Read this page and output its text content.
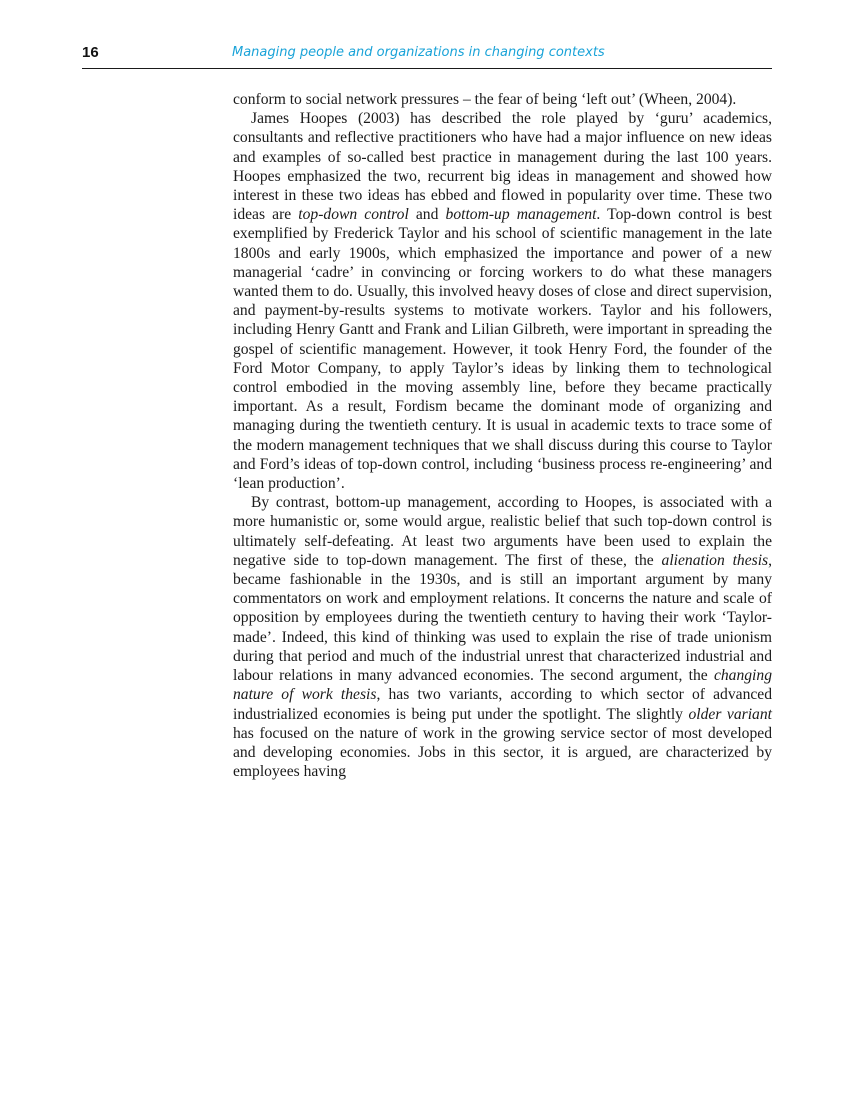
16	Managing people and organizations in changing contexts

conform to social network pressures – the fear of being ‘left out’ (Wheen, 2004).

James Hoopes (2003) has described the role played by ‘guru’ academics, consultants and reflective practitioners who have had a major influence on new ideas and examples of so-called best practice in management during the last 100 years. Hoopes emphasized the two, recurrent big ideas in management and showed how interest in these two ideas has ebbed and flowed in popularity over time. These two ideas are top-down control and bottom-up management. Top-down control is best exemplified by Frederick Taylor and his school of scientific management in the late 1800s and early 1900s, which emphasized the importance and power of a new managerial ‘cadre’ in convincing or forcing workers to do what these managers wanted them to do. Usually, this involved heavy doses of close and direct supervision, and payment-by-results systems to motivate workers. Taylor and his followers, including Henry Gantt and Frank and Lilian Gilbreth, were important in spreading the gospel of scientific management. However, it took Henry Ford, the founder of the Ford Motor Company, to apply Taylor’s ideas by linking them to technological control embodied in the moving assembly line, before they became practically important. As a result, Fordism became the dominant mode of organizing and managing during the twentieth century. It is usual in academic texts to trace some of the modern management techniques that we shall discuss during this course to Taylor and Ford’s ideas of top-down control, including ‘business process re-engineering’ and ‘lean production’.

By contrast, bottom-up management, according to Hoopes, is associated with a more humanistic or, some would argue, realistic belief that such top-down control is ultimately self-defeating. At least two arguments have been used to explain the negative side to top-down management. The first of these, the alienation thesis, became fashionable in the 1930s, and is still an important argument by many commentators on work and employment relations. It concerns the nature and scale of opposition by employees during the twentieth century to having their work ‘Taylor-made’. Indeed, this kind of thinking was used to explain the rise of trade unionism during that period and much of the industrial unrest that characterized industrial and labour relations in many advanced economies. The second argument, the changing nature of work thesis, has two variants, according to which sector of advanced industrialized economies is being put under the spotlight. The slightly older variant has focused on the nature of work in the growing service sector of most developed and developing economies. Jobs in this sector, it is argued, are characterized by employees having
